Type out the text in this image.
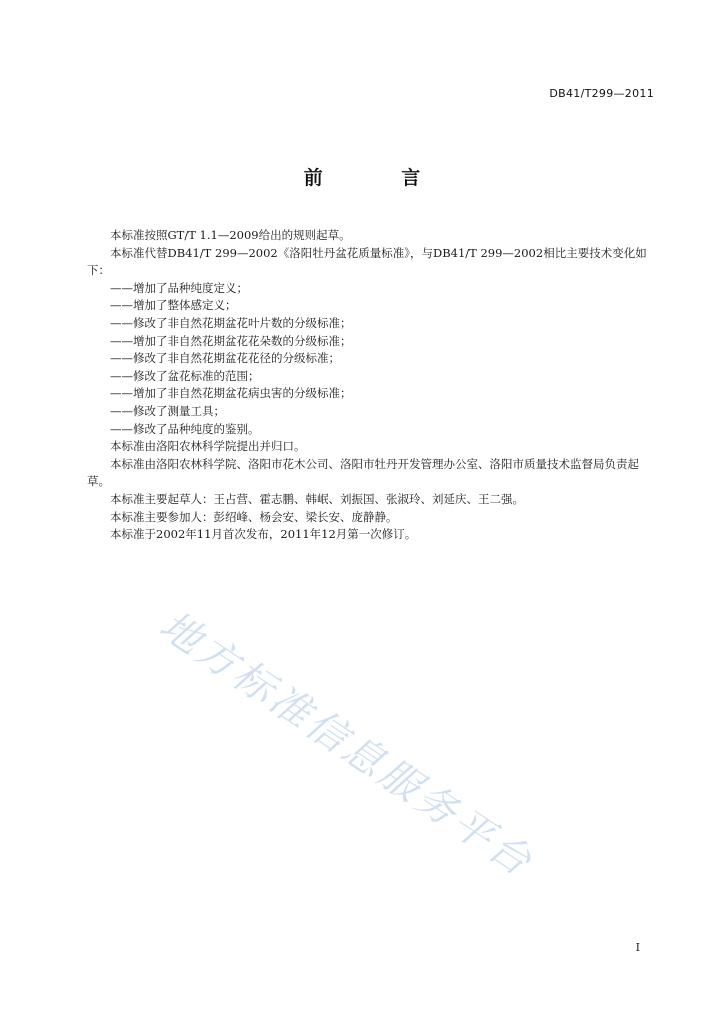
DB41/T299—2011
前 言

本标准按照GT/T 1.1—2009给出的规则起草。

本标准代替DB41/T 299—2002《洛阳牡丹盆花质量标准》，与DB41/T 299—2002相比主要技术变化如下：

——增加了品种纯度定义；

——增加了整体感定义；

——修改了非自然花期盆花叶片数的分级标准；

——增加了非自然花期盆花花朵数的分级标准；

——修改了非自然花期盆花花径的分级标准；

——修改了盆花标准的范围；

——增加了非自然花期盆花病虫害的分级标准；

——修改了测量工具；

——修改了品种纯度的鉴别。

本标准由洛阳农林科学院提出并归口。

本标准由洛阳农林科学院、洛阳市花木公司、洛阳市牡丹开发管理办公室、洛阳市质量技术监督局负责起草。

本标准主要起草人：王占营、霍志鹏、韩岷、刘振国、张淑玲、刘延庆、王二强。

本标准主要参加人：彭绍峰、杨会安、梁长安、庞静静。

本标准于2002年11月首次发布，2011年12月第一次修订。

地方标准信息服务平台
I
